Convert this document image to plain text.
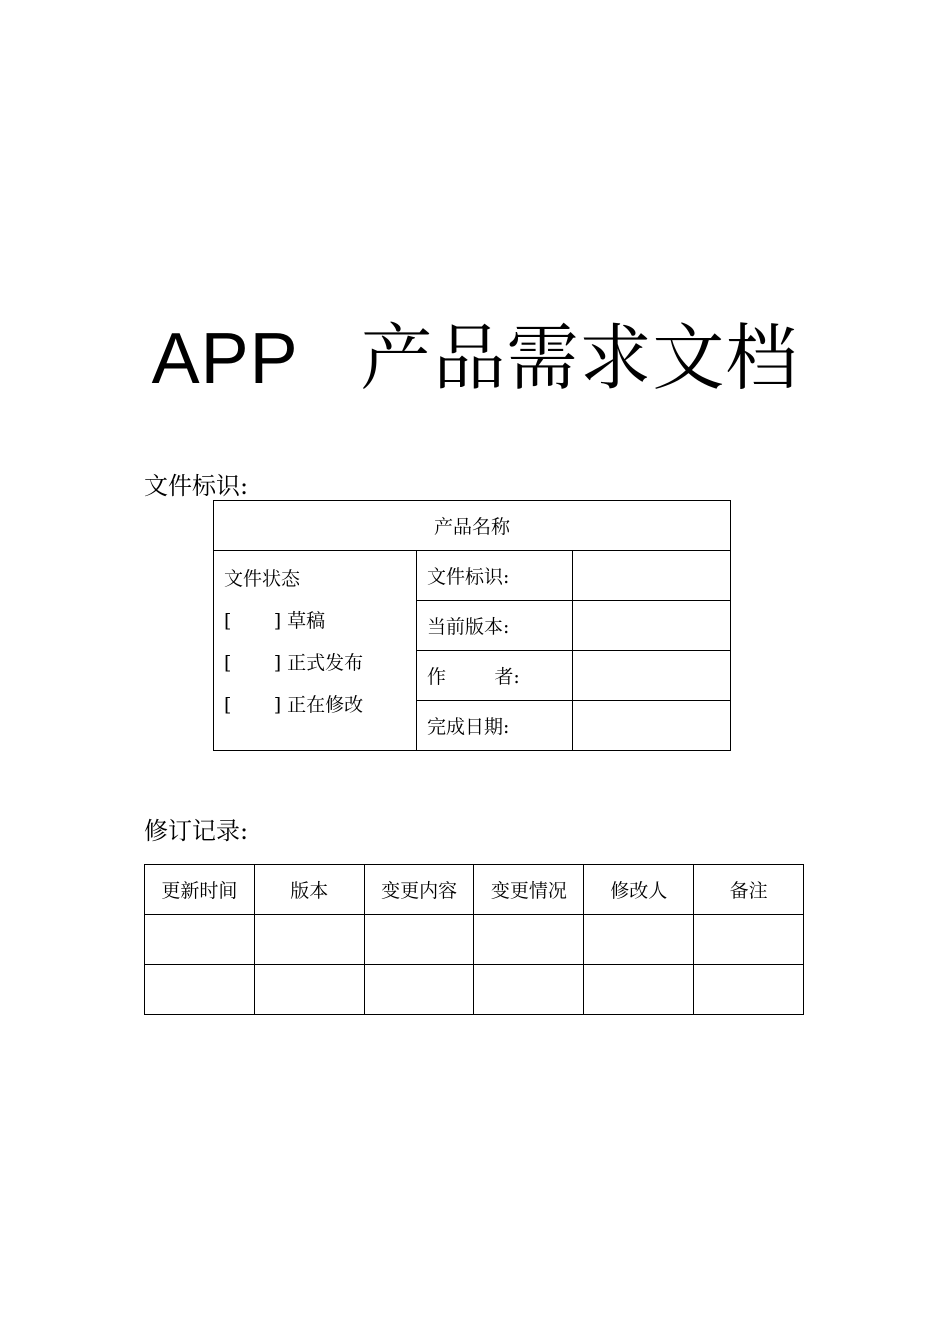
APP   产品需求文档
文件标识:
产品名称		

文件状态
[       ] 草稿
[       ] 正式发布
[       ] 正在修改	文件标识:	
	当前版本:	
	作        者:	
	完成日期:	
修订记录:
更新时间	版本	变更内容	变更情况	修改人	备注
